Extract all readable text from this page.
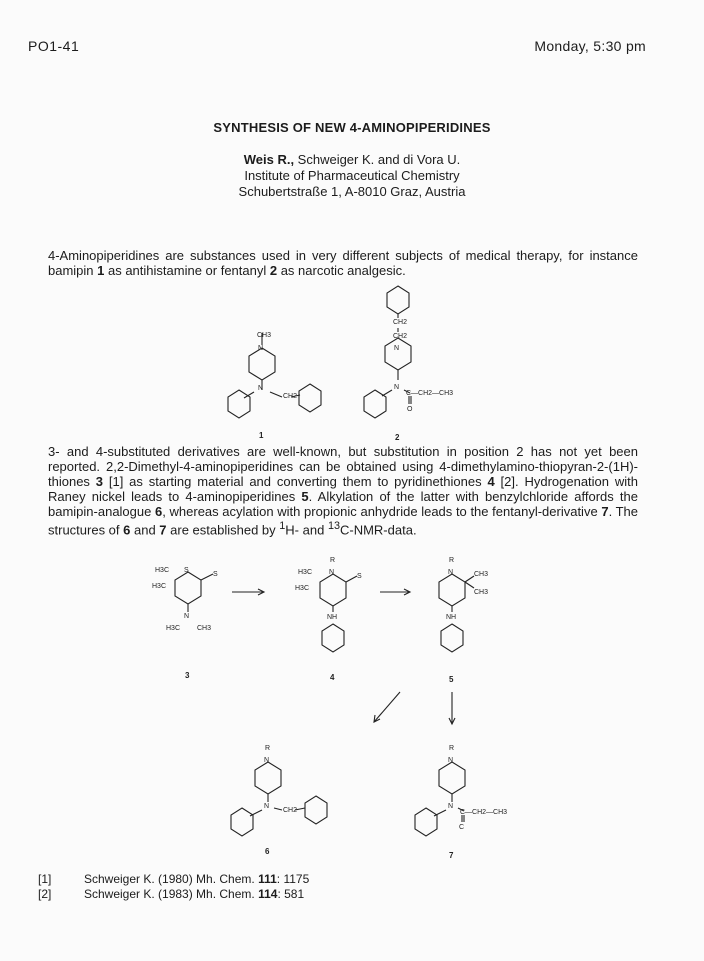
PO1-41	Monday, 5:30 pm
SYNTHESIS OF NEW 4-AMINOPIPERIDINES
Weis R., Schweiger K. and di Vora U.
Institute of Pharmaceutical Chemistry
Schubertstraße 1, A-8010 Graz, Austria
4-Aminopiperidines are substances used in very different subjects of medical therapy, for instance bamipin 1 as antihistamine or fentanyl 2 as narcotic analgesic.
CH3
N
N
CH2
CH2
CH2
N
N
C—CH2—CH3
O
1	2
3- and 4-substituted derivatives are well-known, but substitution in position 2 has not yet been reported. 2,2-Dimethyl-4-aminopiperidines can be obtained using 4-dimethylamino-thiopyran-2-(1H)-thiones 3 [1] as starting material and converting them to pyridinethiones 4 [2]. Hydrogenation with Raney nickel leads to 4-aminopiperidines 5. Alkylation of the latter with benzylchloride affords the bamipin-analogue 6, whereas acylation with propionic anhydride leads to the fentanyl-derivative 7. The structures of 6 and 7 are established by $^1$H- and $^{13}$C-NMR-data.
H3C
H3C
S
S
N
H3C CH3
R
N
H3C
H3C
S
NH
R
N	CH3
CH3
NH
R
N
N
CH2
R
N
N
C—CH2—CH3
C
3	4	5
6	7
[1]	Schweiger K. (1980) Mh. Chem. 111: 1175
[2]	Schweiger K. (1983) Mh. Chem. 114: 581
